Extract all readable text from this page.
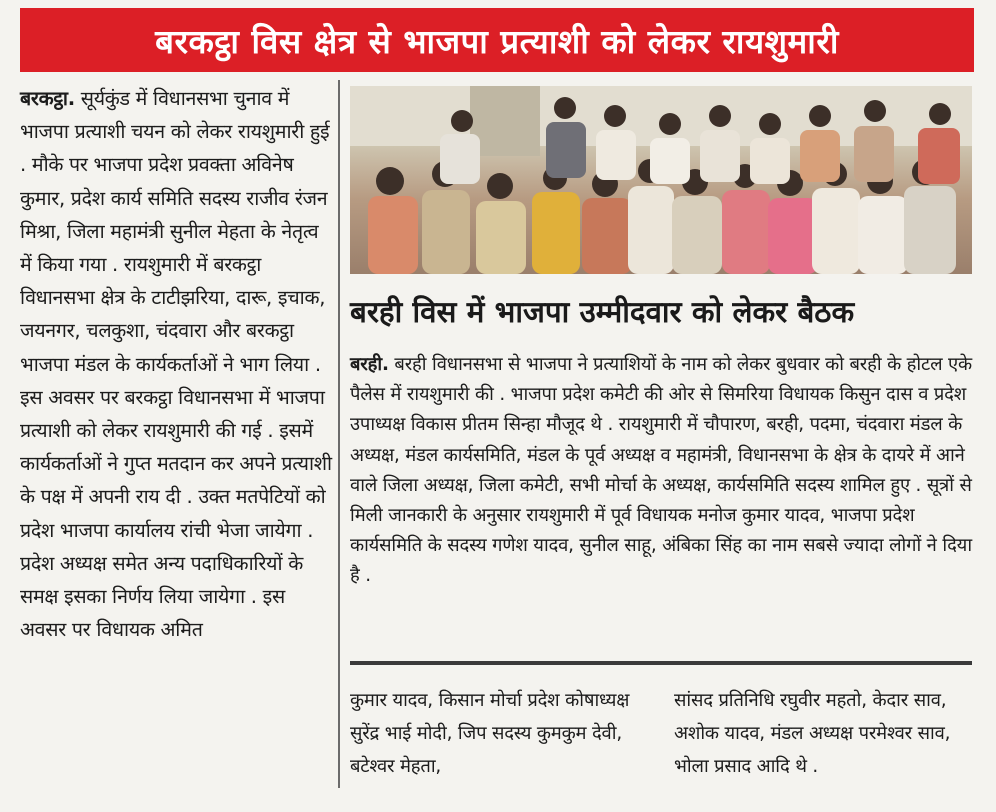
बरकट्ठा विस क्षेत्र से भाजपा प्रत्याशी को लेकर रायशुमारी

बरकट्ठा. सूर्यकुंड में विधानसभा चुनाव में भाजपा प्रत्याशी चयन को लेकर रायशुमारी हुई . मौके पर भाजपा प्रदेश प्रवक्ता अविनेष कुमार, प्रदेश कार्य समिति सदस्य राजीव रंजन मिश्रा, जिला महामंत्री सुनील मेहता के नेतृत्व में किया गया . रायशुमारी में बरकट्ठा विधानसभा क्षेत्र के टाटीझरिया, दारू, इचाक, जयनगर, चलकुशा, चंदवारा और बरकट्ठा भाजपा मंडल के कार्यकर्ताओं ने भाग लिया . इस अवसर पर बरकट्ठा विधानसभा में भाजपा प्रत्याशी को लेकर रायशुमारी की गई . इसमें कार्यकर्ताओं ने गुप्त मतदान कर अपने प्रत्याशी के पक्ष में अपनी राय दी . उक्त मतपेटियों को प्रदेश भाजपा कार्यालय रांची भेजा जायेगा . प्रदेश अध्यक्ष समेत अन्य पदाधिकारियों के समक्ष इसका निर्णय लिया जायेगा . इस अवसर पर विधायक अमित

बरही विस में भाजपा उम्मीदवार को लेकर बैठक

बरही. बरही विधानसभा से भाजपा ने प्रत्याशियों के नाम को लेकर बुधवार को बरही के होटल एके पैलेस में रायशुमारी की . भाजपा प्रदेश कमेटी की ओर से सिमरिया विधायक किसुन दास व प्रदेश उपाध्यक्ष विकास प्रीतम सिन्हा मौजूद थे . रायशुमारी में चौपारण, बरही, पदमा, चंदवारा मंडल के अध्यक्ष, मंडल कार्यसमिति, मंडल के पूर्व अध्यक्ष व महामंत्री, विधानसभा के क्षेत्र के दायरे में आने वाले जिला अध्यक्ष, जिला कमेटी, सभी मोर्चा के अध्यक्ष, कार्यसमिति सदस्य शामिल हुए . सूत्रों से मिली जानकारी के अनुसार रायशुमारी में पूर्व विधायक मनोज कुमार यादव, भाजपा प्रदेश कार्यसमिति के सदस्य गणेश यादव, सुनील साहू, अंबिका सिंह का नाम सबसे ज्यादा लोगों ने दिया है .

कुमार यादव, किसान मोर्चा प्रदेश कोषाध्यक्ष सुरेंद्र भाई मोदी, जिप सदस्य कुमकुम देवी, बटेश्वर मेहता,

सांसद प्रतिनिधि रघुवीर महतो, केदार साव, अशोक यादव, मंडल अध्यक्ष परमेश्वर साव, भोला प्रसाद आदि थे .
